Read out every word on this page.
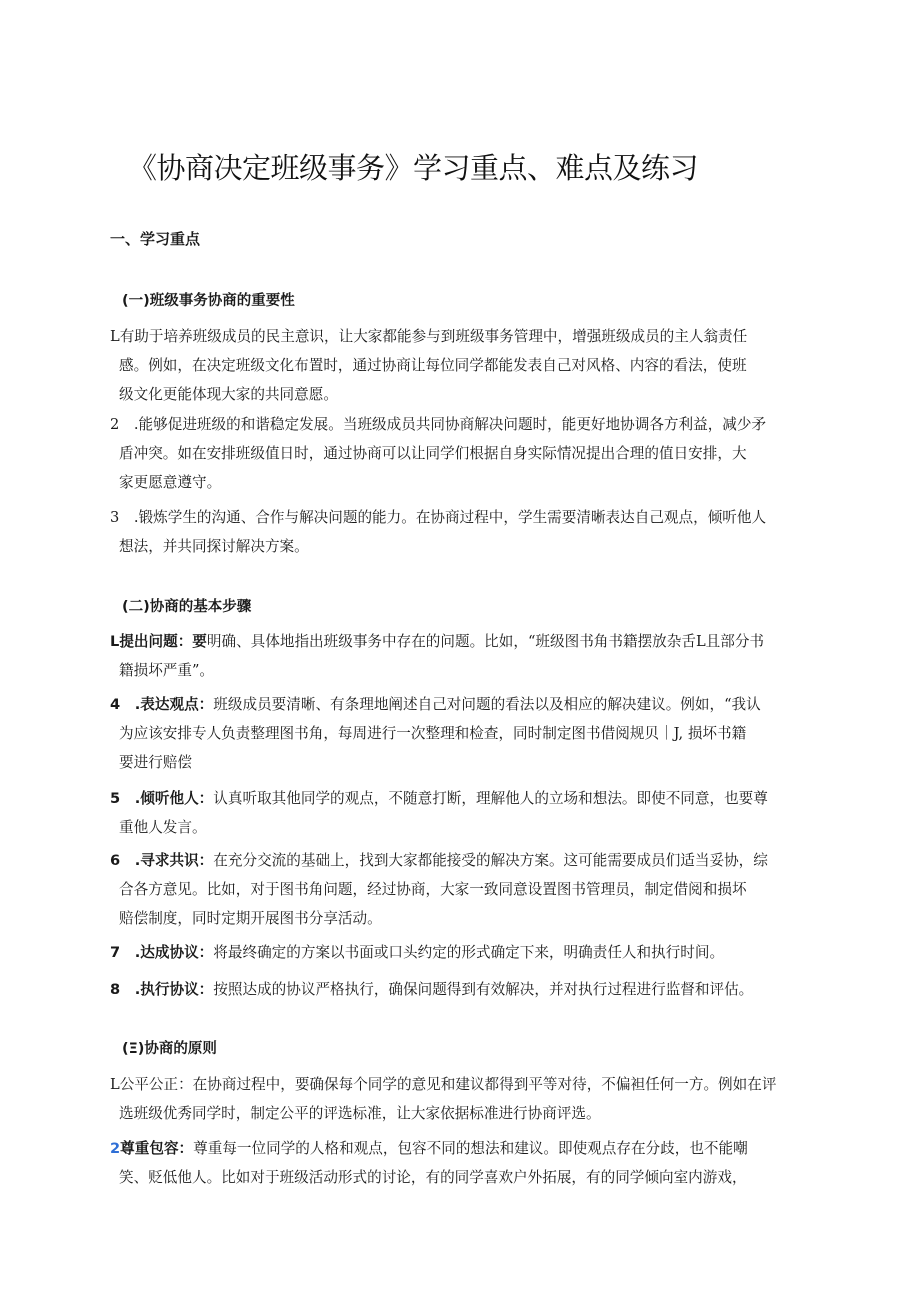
《协商决定班级事务》学习重点、难点及练习
一、学习重点
(一)班级事务协商的重要性
L有助于培养班级成员的民主意识，让大家都能参与到班级事务管理中，增强班级成员的主人翁责任
感。例如，在决定班级文化布置时，通过协商让每位同学都能发表自己对风格、内容的看法，使班
级文化更能体现大家的共同意愿。
2　.能够促进班级的和谐稳定发展。当班级成员共同协商解决问题时，能更好地协调各方利益，减少矛
盾冲突。如在安排班级值日时，通过协商可以让同学们根据自身实际情况提出合理的值日安排，大
家更愿意遵守。
3　.锻炼学生的沟通、合作与解决问题的能力。在协商过程中，学生需要清晰表达自己观点，倾听他人
想法，并共同探讨解决方案。
(二)协商的基本步骤
L提出问题：要明确、具体地指出班级事务中存在的问题。比如，“班级图书角书籍摆放杂舌L且部分书
籍损坏严重”。
4　.表达观点：班级成员要清晰、有条理地阐述自己对问题的看法以及相应的解决建议。例如，“我认
为应该安排专人负责整理图书角，每周进行一次整理和检查，同时制定图书借阅规贝｜J, 损坏书籍
要进行赔偿
5　.倾听他人：认真听取其他同学的观点，不随意打断，理解他人的立场和想法。即使不同意，也要尊
重他人发言。
6　.寻求共识：在充分交流的基础上，找到大家都能接受的解决方案。这可能需要成员们适当妥协，综
合各方意见。比如，对于图书角问题，经过协商，大家一致同意设置图书管理员，制定借阅和损坏
赔偿制度，同时定期开展图书分享活动。
7　.达成协议：将最终确定的方案以书面或口头约定的形式确定下来，明确责任人和执行时间。
8　.执行协议：按照达成的协议严格执行，确保问题得到有效解决，并对执行过程进行监督和评估。
(Ξ)协商的原则
L公平公正：在协商过程中，要确保每个同学的意见和建议都得到平等对待，不偏袒任何一方。例如在评
选班级优秀同学时，制定公平的评选标准，让大家依据标准进行协商评选。
2尊重包容：尊重每一位同学的人格和观点，包容不同的想法和建议。即使观点存在分歧，也不能嘲
笑、贬低他人。比如对于班级活动形式的讨论，有的同学喜欢户外拓展，有的同学倾向室内游戏，
